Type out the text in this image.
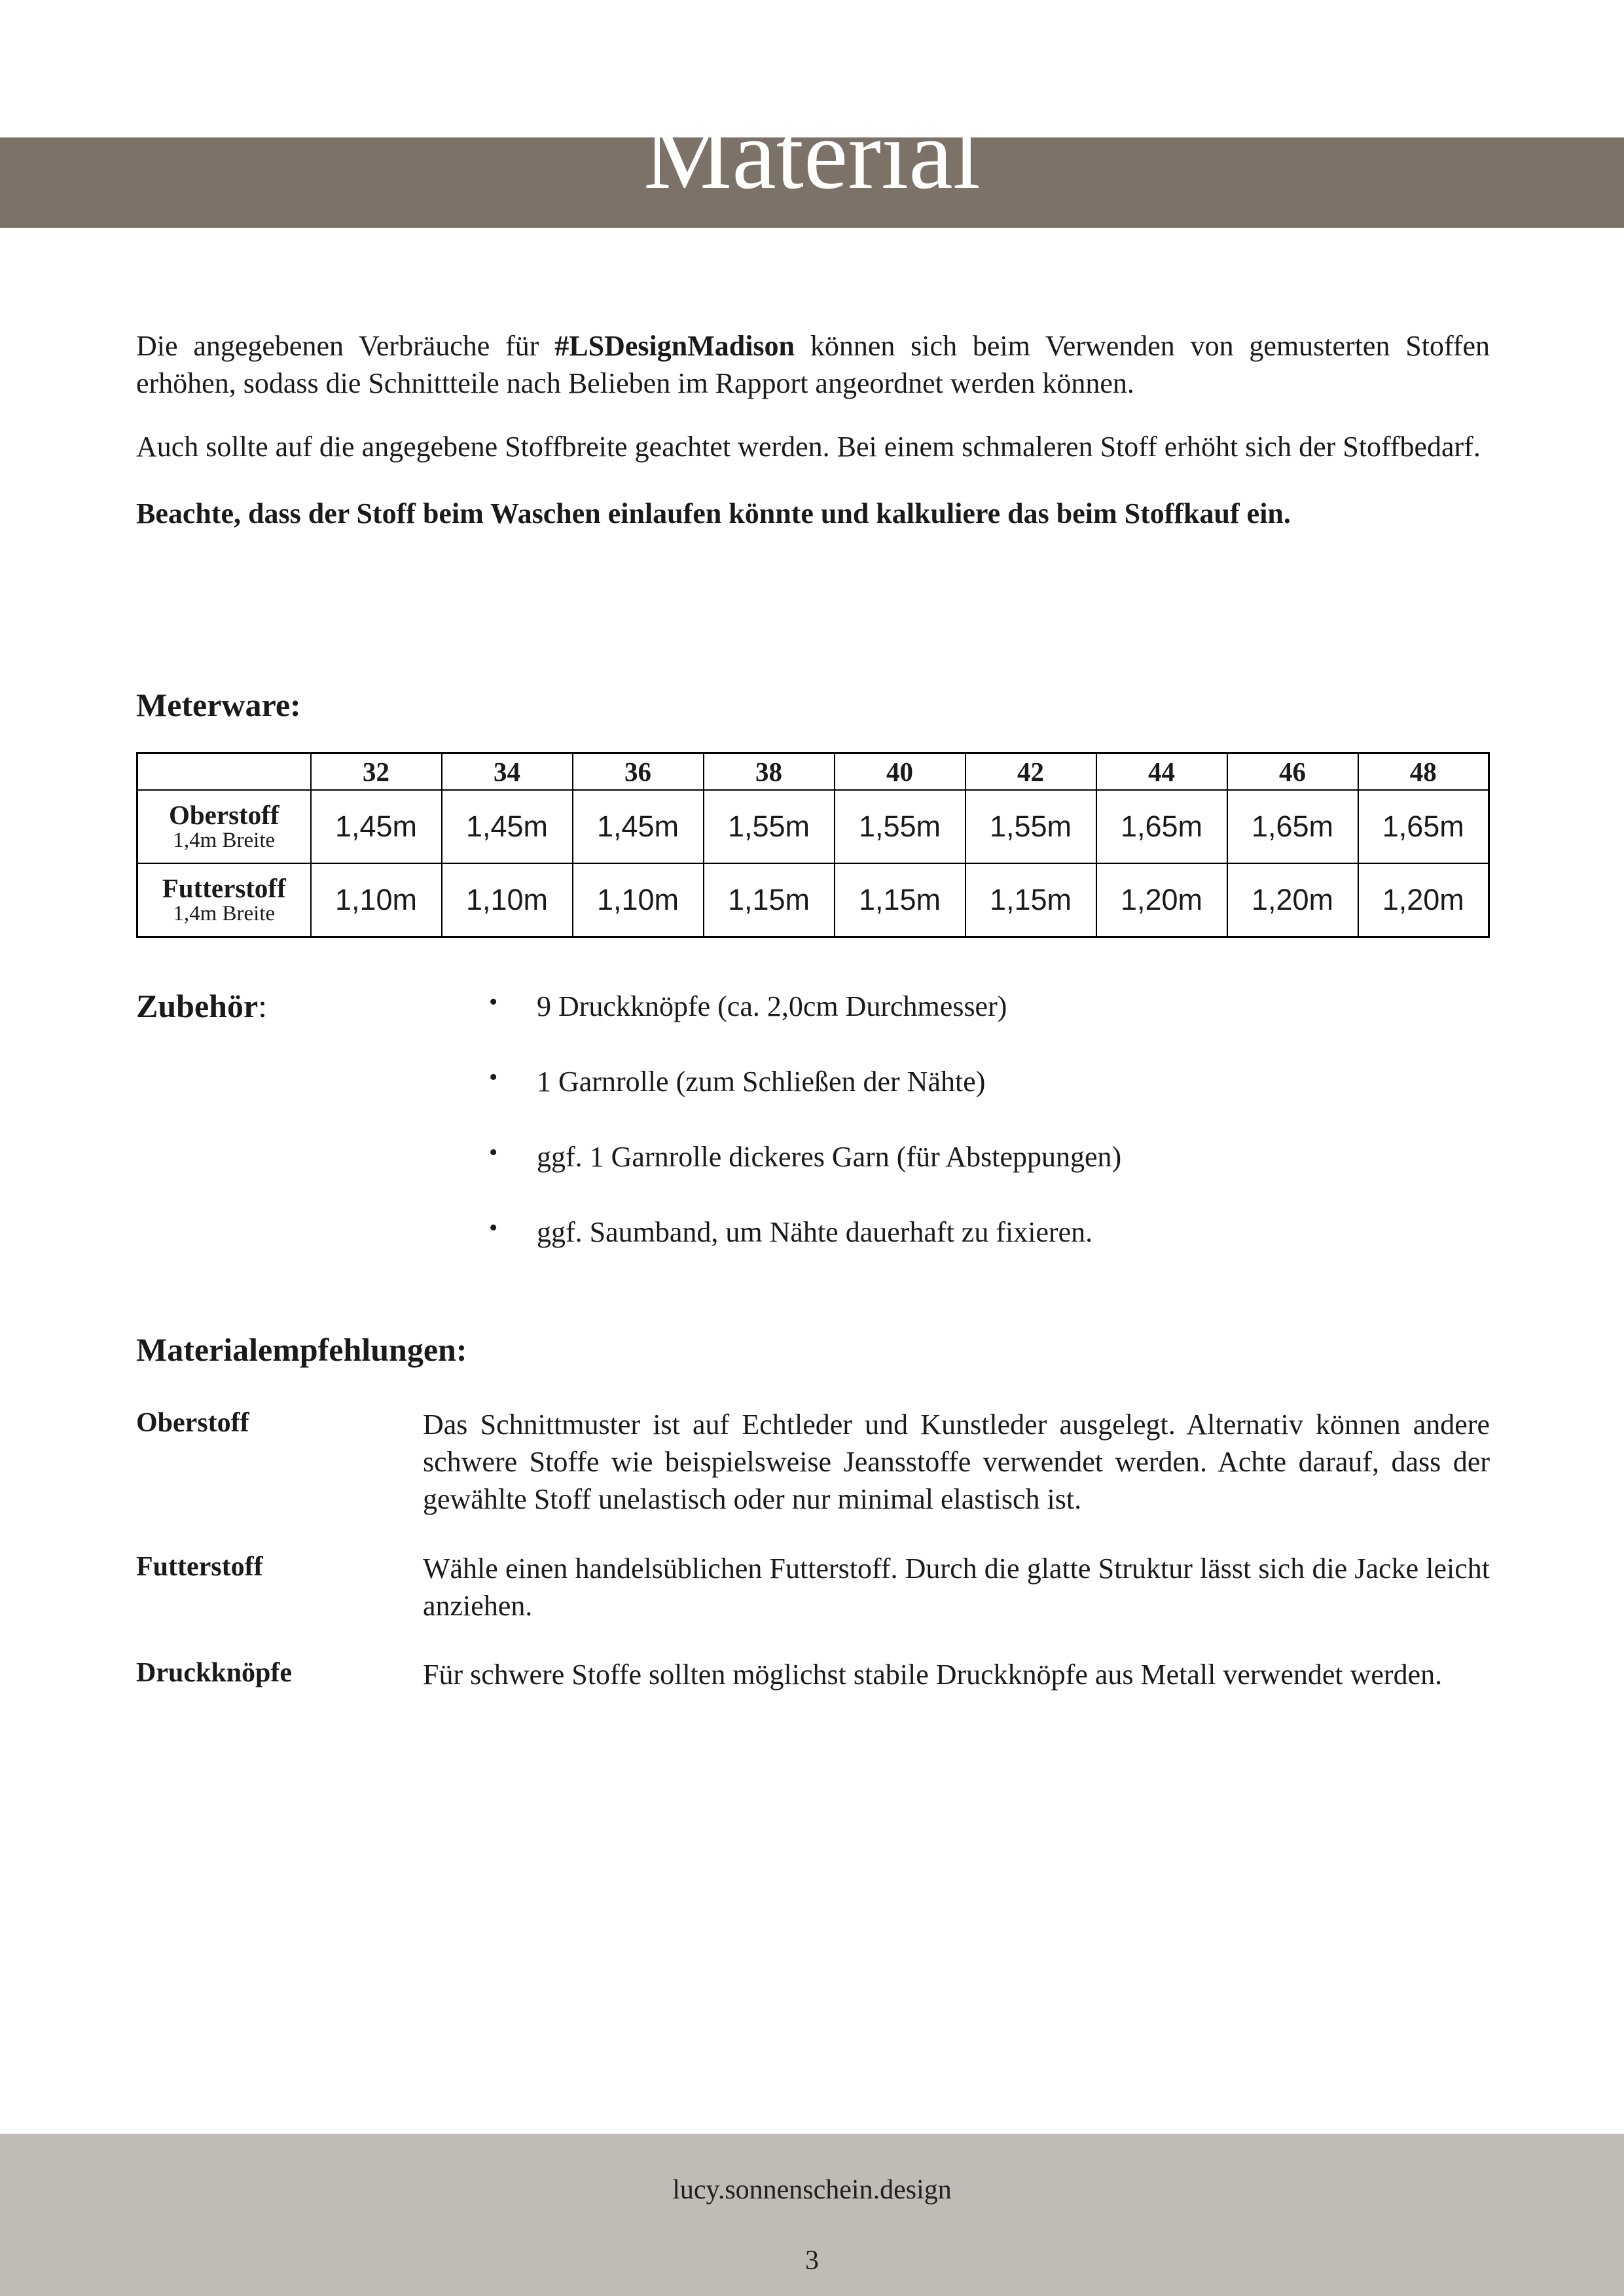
Material

Die angegebenen Verbräuche für #LSDesignMadison können sich beim Verwenden von gemusterten Stoffen erhöhen, sodass die Schnittteile nach Belieben im Rapport angeordnet werden können.

Auch sollte auf die angegebene Stoffbreite geachtet werden. Bei einem schmaleren Stoff erhöht sich der Stoffbedarf.

Beachte, dass der Stoff beim Waschen einlaufen könnte und kalkuliere das beim Stoffkauf ein.

Meterware:
	32	34	36	38	40	42	44	46	48

Oberstoff
1,4m Breite	1,45m	1,45m	1,45m	1,55m	1,55m	1,55m	1,65m	1,65m	1,65m

Futterstoff
1,4m Breite	1,10m	1,10m	1,10m	1,15m	1,15m	1,15m	1,20m	1,20m	1,20m
Zubehör:	• 9 Druckknöpfe (ca. 2,0cm Durchmesser)
• 1 Garnrolle (zum Schließen der Nähte)
• ggf. 1 Garnrolle dickeres Garn (für Absteppungen)
• ggf. Saumband, um Nähte dauerhaft zu fixieren.
Materialempfehlungen:
Oberstoff	Das Schnittmuster ist auf Echtleder und Kunstleder ausgelegt. Alternativ können andere schwere Stoffe wie beispielsweise Jeansstoffe verwendet werden. Achte darauf, dass der gewählte Stoff unelastisch oder nur minimal elastisch ist.

Futterstoff	Wähle einen handelsüblichen Futterstoff. Durch die glatte Struktur lässt sich die Jacke leicht anziehen.

Druckknöpfe	Für schwere Stoffe sollten möglichst stabile Druckknöpfe aus Metall verwendet werden.

lucy.sonnenschein.design
3
